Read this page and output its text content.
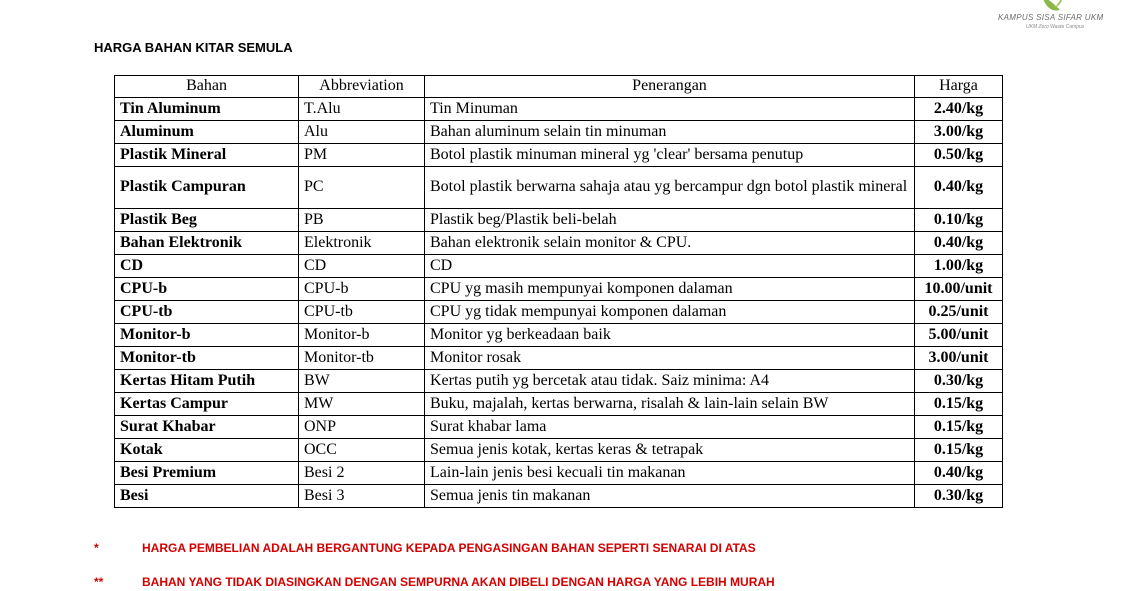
KAMPUS SISA SIFAR UKM
UKM Zero Waste Campus
HARGA BAHAN KITAR SEMULA
Bahan	Abbreviation	Penerangan	Harga
Tin Aluminum	T.Alu	Tin Minuman	2.40/kg
Aluminum	Alu	Bahan aluminum selain tin minuman	3.00/kg
Plastik Mineral	PM	Botol plastik minuman mineral yg 'clear' bersama penutup	0.50/kg
Plastik Campuran	PC	Botol plastik berwarna sahaja atau yg bercampur dgn botol plastik mineral	0.40/kg
Plastik Beg	PB	Plastik beg/Plastik beli-belah	0.10/kg
Bahan Elektronik	Elektronik	Bahan elektronik selain monitor & CPU.	0.40/kg
CD	CD	CD	1.00/kg
CPU-b	CPU-b	CPU yg masih mempunyai komponen dalaman	10.00/unit
CPU-tb	CPU-tb	CPU yg tidak mempunyai komponen dalaman	0.25/unit
Monitor-b	Monitor-b	Monitor yg berkeadaan baik	5.00/unit
Monitor-tb	Monitor-tb	Monitor rosak	3.00/unit
Kertas Hitam Putih	BW	Kertas putih yg bercetak atau tidak. Saiz minima: A4	0.30/kg
Kertas Campur	MW	Buku, majalah, kertas berwarna, risalah & lain-lain selain BW	0.15/kg
Surat Khabar	ONP	Surat khabar lama	0.15/kg
Kotak	OCC	Semua jenis kotak, kertas keras & tetrapak	0.15/kg
Besi Premium	Besi 2	Lain-lain jenis besi kecuali tin makanan	0.40/kg
Besi	Besi 3	Semua jenis tin makanan	0.30/kg
*	HARGA PEMBELIAN ADALAH BERGANTUNG KEPADA PENGASINGAN BAHAN SEPERTI SENARAI DI ATAS
**	BAHAN YANG TIDAK DIASINGKAN DENGAN SEMPURNA AKAN DIBELI DENGAN HARGA YANG LEBIH MURAH
